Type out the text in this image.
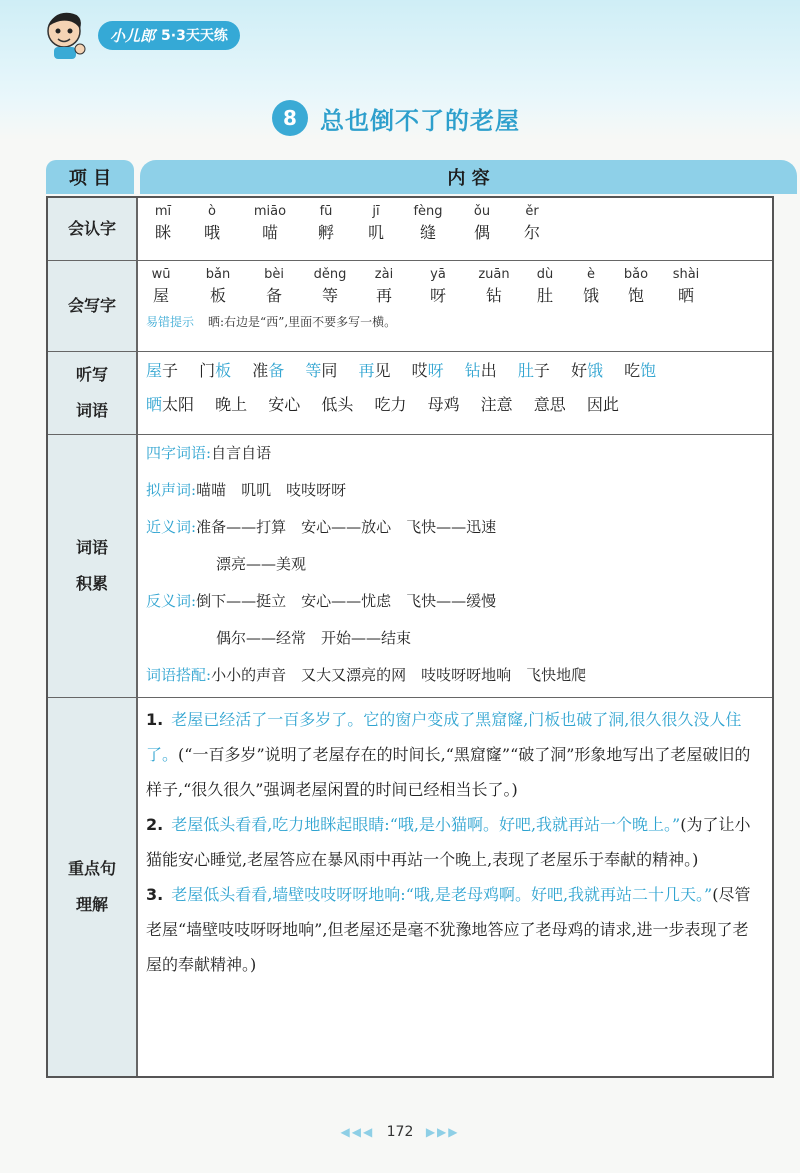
小儿郎 5·3天天练
8 总也倒不了的老屋
项 目	内 容
会认字
mī
眯
ò
哦
miāo
喵
fū
孵
jī
叽
fèng
缝
ǒu
偶
ěr
尔
会写字
wū
屋
bǎn
板
bèi
备
děng
等
zài
再
yā
呀
zuān
钻
dù
肚
è
饿
bǎo
饱
shài
晒
易错提示 晒:右边是“西”,里面不要多写一横。
听写
词语
屋子 门板 准备 等同 再见 哎呀 钻出 肚子 好饿 吃饱
晒太阳 晚上 安心 低头 吃力 母鸡 注意 意思 因此
词语
积累
四字词语:自言自语
拟声词:喵喵　叽叽　吱吱呀呀
近义词:准备——打算　安心——放心　飞快——迅速
漂亮——美观
反义词:倒下——挺立　安心——忧虑　飞快——缓慢
偶尔——经常　开始——结束
词语搭配:小小的声音　又大又漂亮的网　吱吱呀呀地响　飞快地爬
重点句
理解
1. 老屋已经活了一百多岁了。它的窗户变成了黑窟窿,门板也破了洞,很久很久没人住了。(“一百多岁”说明了老屋存在的时间长,“黑窟窿”“破了洞”形象地写出了老屋破旧的样子,“很久很久”强调老屋闲置的时间已经相当长了。)
2. 老屋低头看看,吃力地眯起眼睛:“哦,是小猫啊。好吧,我就再站一个晚上。”(为了让小猫能安心睡觉,老屋答应在暴风雨中再站一个晚上,表现了老屋乐于奉献的精神。)
3. 老屋低头看看,墙壁吱吱呀呀地响:“哦,是老母鸡啊。好吧,我就再站二十几天。”(尽管老屋“墙壁吱吱呀呀地响”,但老屋还是毫不犹豫地答应了老母鸡的请求,进一步表现了老屋的奉献精神。)
◀◀◀ 172 ▶▶▶
